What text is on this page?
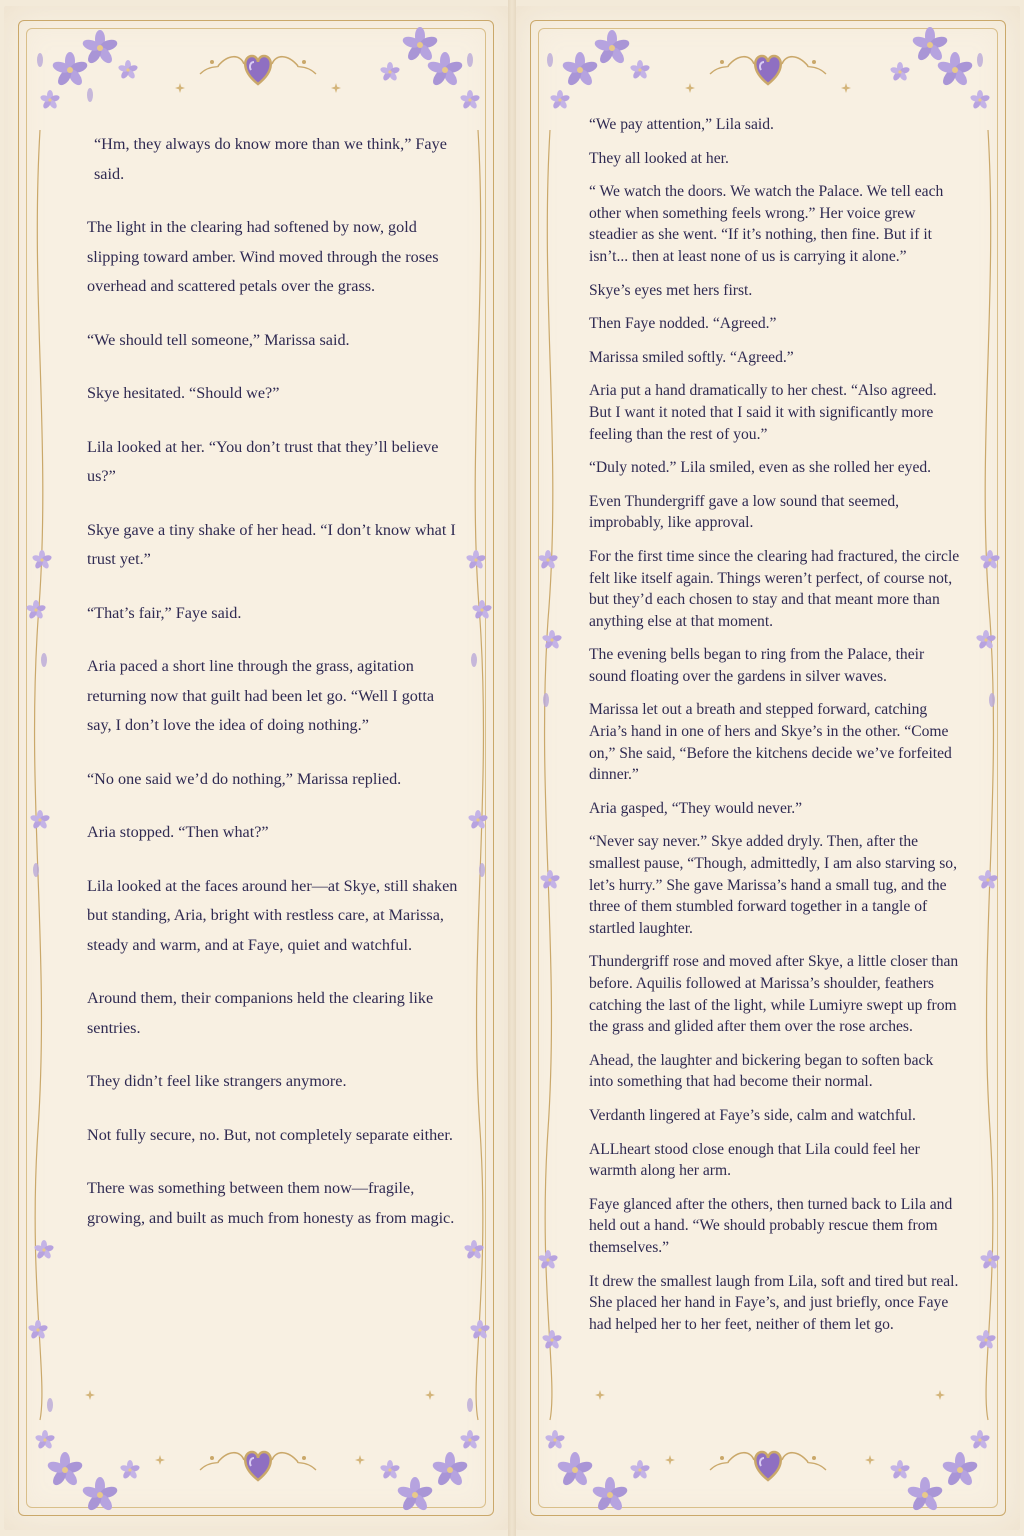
“Hm, they always do know more than we think,” Faye said.

The light in the clearing had softened by now, gold slipping toward amber. Wind moved through the roses overhead and scattered petals over the grass.

“We should tell someone,” Marissa said.

Skye hesitated. “Should we?”

Lila looked at her. “You don’t trust that they’ll believe us?”

Skye gave a tiny shake of her head. “I don’t know what I trust yet.”

“That’s fair,” Faye said.

Aria paced a short line through the grass, agitation returning now that guilt had been let go. “Well I gotta say, I don’t love the idea of doing nothing.”

“No one said we’d do nothing,” Marissa replied.

Aria stopped. “Then what?”

Lila looked at the faces around her—at Skye, still shaken but standing, Aria, bright with restless care, at Marissa, steady and warm, and at Faye, quiet and watchful.

Around them, their companions held the clearing like sentries.

They didn’t feel like strangers anymore.

Not fully secure, no. But, not completely separate either.

There was something between them now—fragile, growing, and built as much from honesty as from magic.

“We pay attention,” Lila said.

They all looked at her.

“ We watch the doors. We watch the Palace. We tell each other when something feels wrong.” Her voice grew steadier as she went. “If it’s nothing, then fine. But if it isn’t... then at least none of us is carrying it alone.”

Skye’s eyes met hers first.

Then Faye nodded. “Agreed.”

Marissa smiled softly. “Agreed.”

Aria put a hand dramatically to her chest. “Also agreed. But I want it noted that I said it with significantly more feeling than the rest of you.”

“Duly noted.” Lila smiled, even as she rolled her eyed.

Even Thundergriff gave a low sound that seemed, improbably, like approval.

For the first time since the clearing had fractured, the circle felt like itself again. Things weren’t perfect, of course not, but they’d each chosen to stay and that meant more than anything else at that moment.

The evening bells began to ring from the Palace, their sound floating over the gardens in silver waves.

Marissa let out a breath and stepped forward, catching Aria’s hand in one of hers and Skye’s in the other. “Come on,” She said, “Before the kitchens decide we’ve forfeited dinner.”

Aria gasped, “They would never.”

“Never say never.” Skye added dryly. Then, after the smallest pause, “Though, admittedly, I am also starving so, let’s hurry.” She gave Marissa’s hand a small tug, and the three of them stumbled forward together in a tangle of startled laughter.

Thundergriff rose and moved after Skye, a little closer than before. Aquilis followed at Marissa’s shoulder, feathers catching the last of the light, while Lumiyre swept up from the grass and glided after them over the rose arches.

Ahead, the laughter and bickering began to soften back into something that had become their normal.

Verdanth lingered at Faye’s side, calm and watchful.

ALLheart stood close enough that Lila could feel her warmth along her arm.

Faye glanced after the others, then turned back to Lila and held out a hand. “We should probably rescue them from themselves.”

It drew the smallest laugh from Lila, soft and tired but real. She placed her hand in Faye’s, and just briefly, once Faye had helped her to her feet, neither of them let go.
